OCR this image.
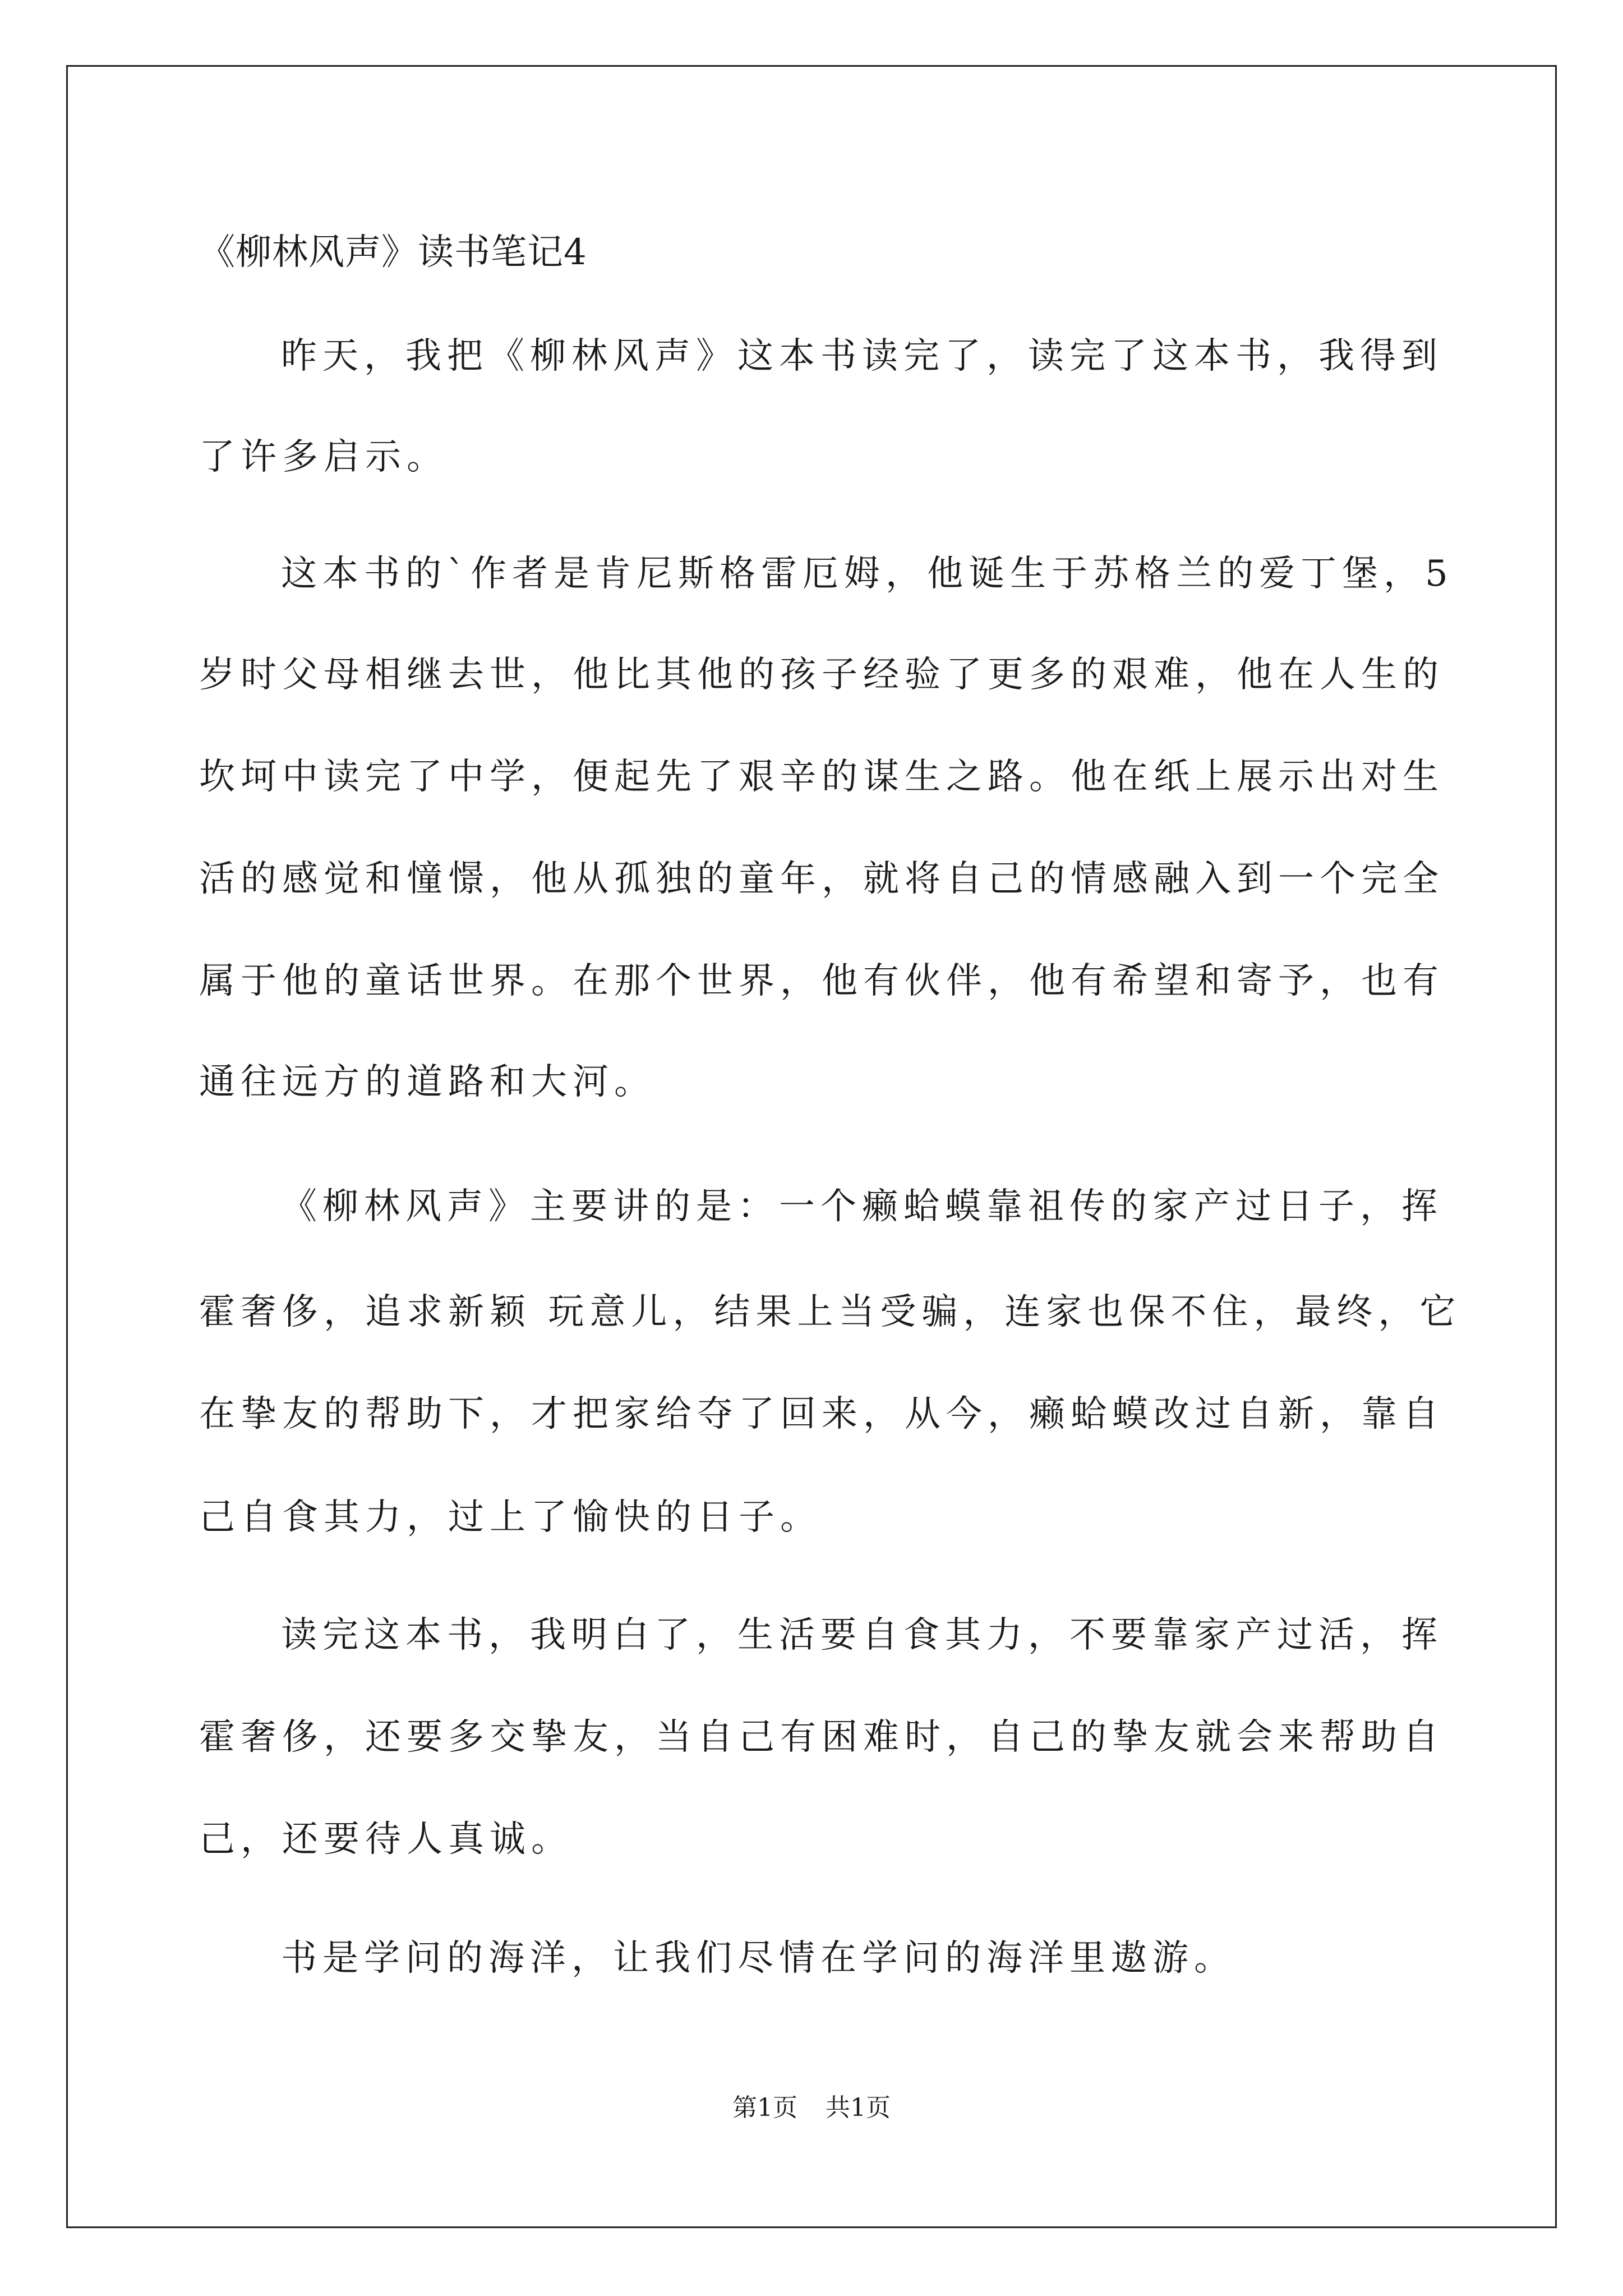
《柳林风声》读书笔记4
昨天，我把《柳林风声》这本书读完了，读完了这本书，我得到
了许多启示。
这本书的`作者是肯尼斯格雷厄姆，他诞生于苏格兰的爱丁堡，5
岁时父母相继去世，他比其他的孩子经验了更多的艰难，他在人生的
坎坷中读完了中学，便起先了艰辛的谋生之路。他在纸上展示出对生
活的感觉和憧憬，他从孤独的童年，就将自己的情感融入到一个完全
属于他的童话世界。在那个世界，他有伙伴，他有希望和寄予，也有
通往远方的道路和大河。
《柳林风声》主要讲的是：一个癞蛤蟆靠祖传的家产过日子，挥
霍奢侈，追求新颖 玩意儿，结果上当受骗，连家也保不住，最终，它
在挚友的帮助下，才把家给夺了回来，从今，癞蛤蟆改过自新，靠自
己自食其力，过上了愉快的日子。
读完这本书，我明白了，生活要自食其力，不要靠家产过活，挥
霍奢侈，还要多交挚友，当自己有困难时，自己的挚友就会来帮助自
己，还要待人真诚。
书是学问的海洋，让我们尽情在学问的海洋里遨游。
第1页 共1页
